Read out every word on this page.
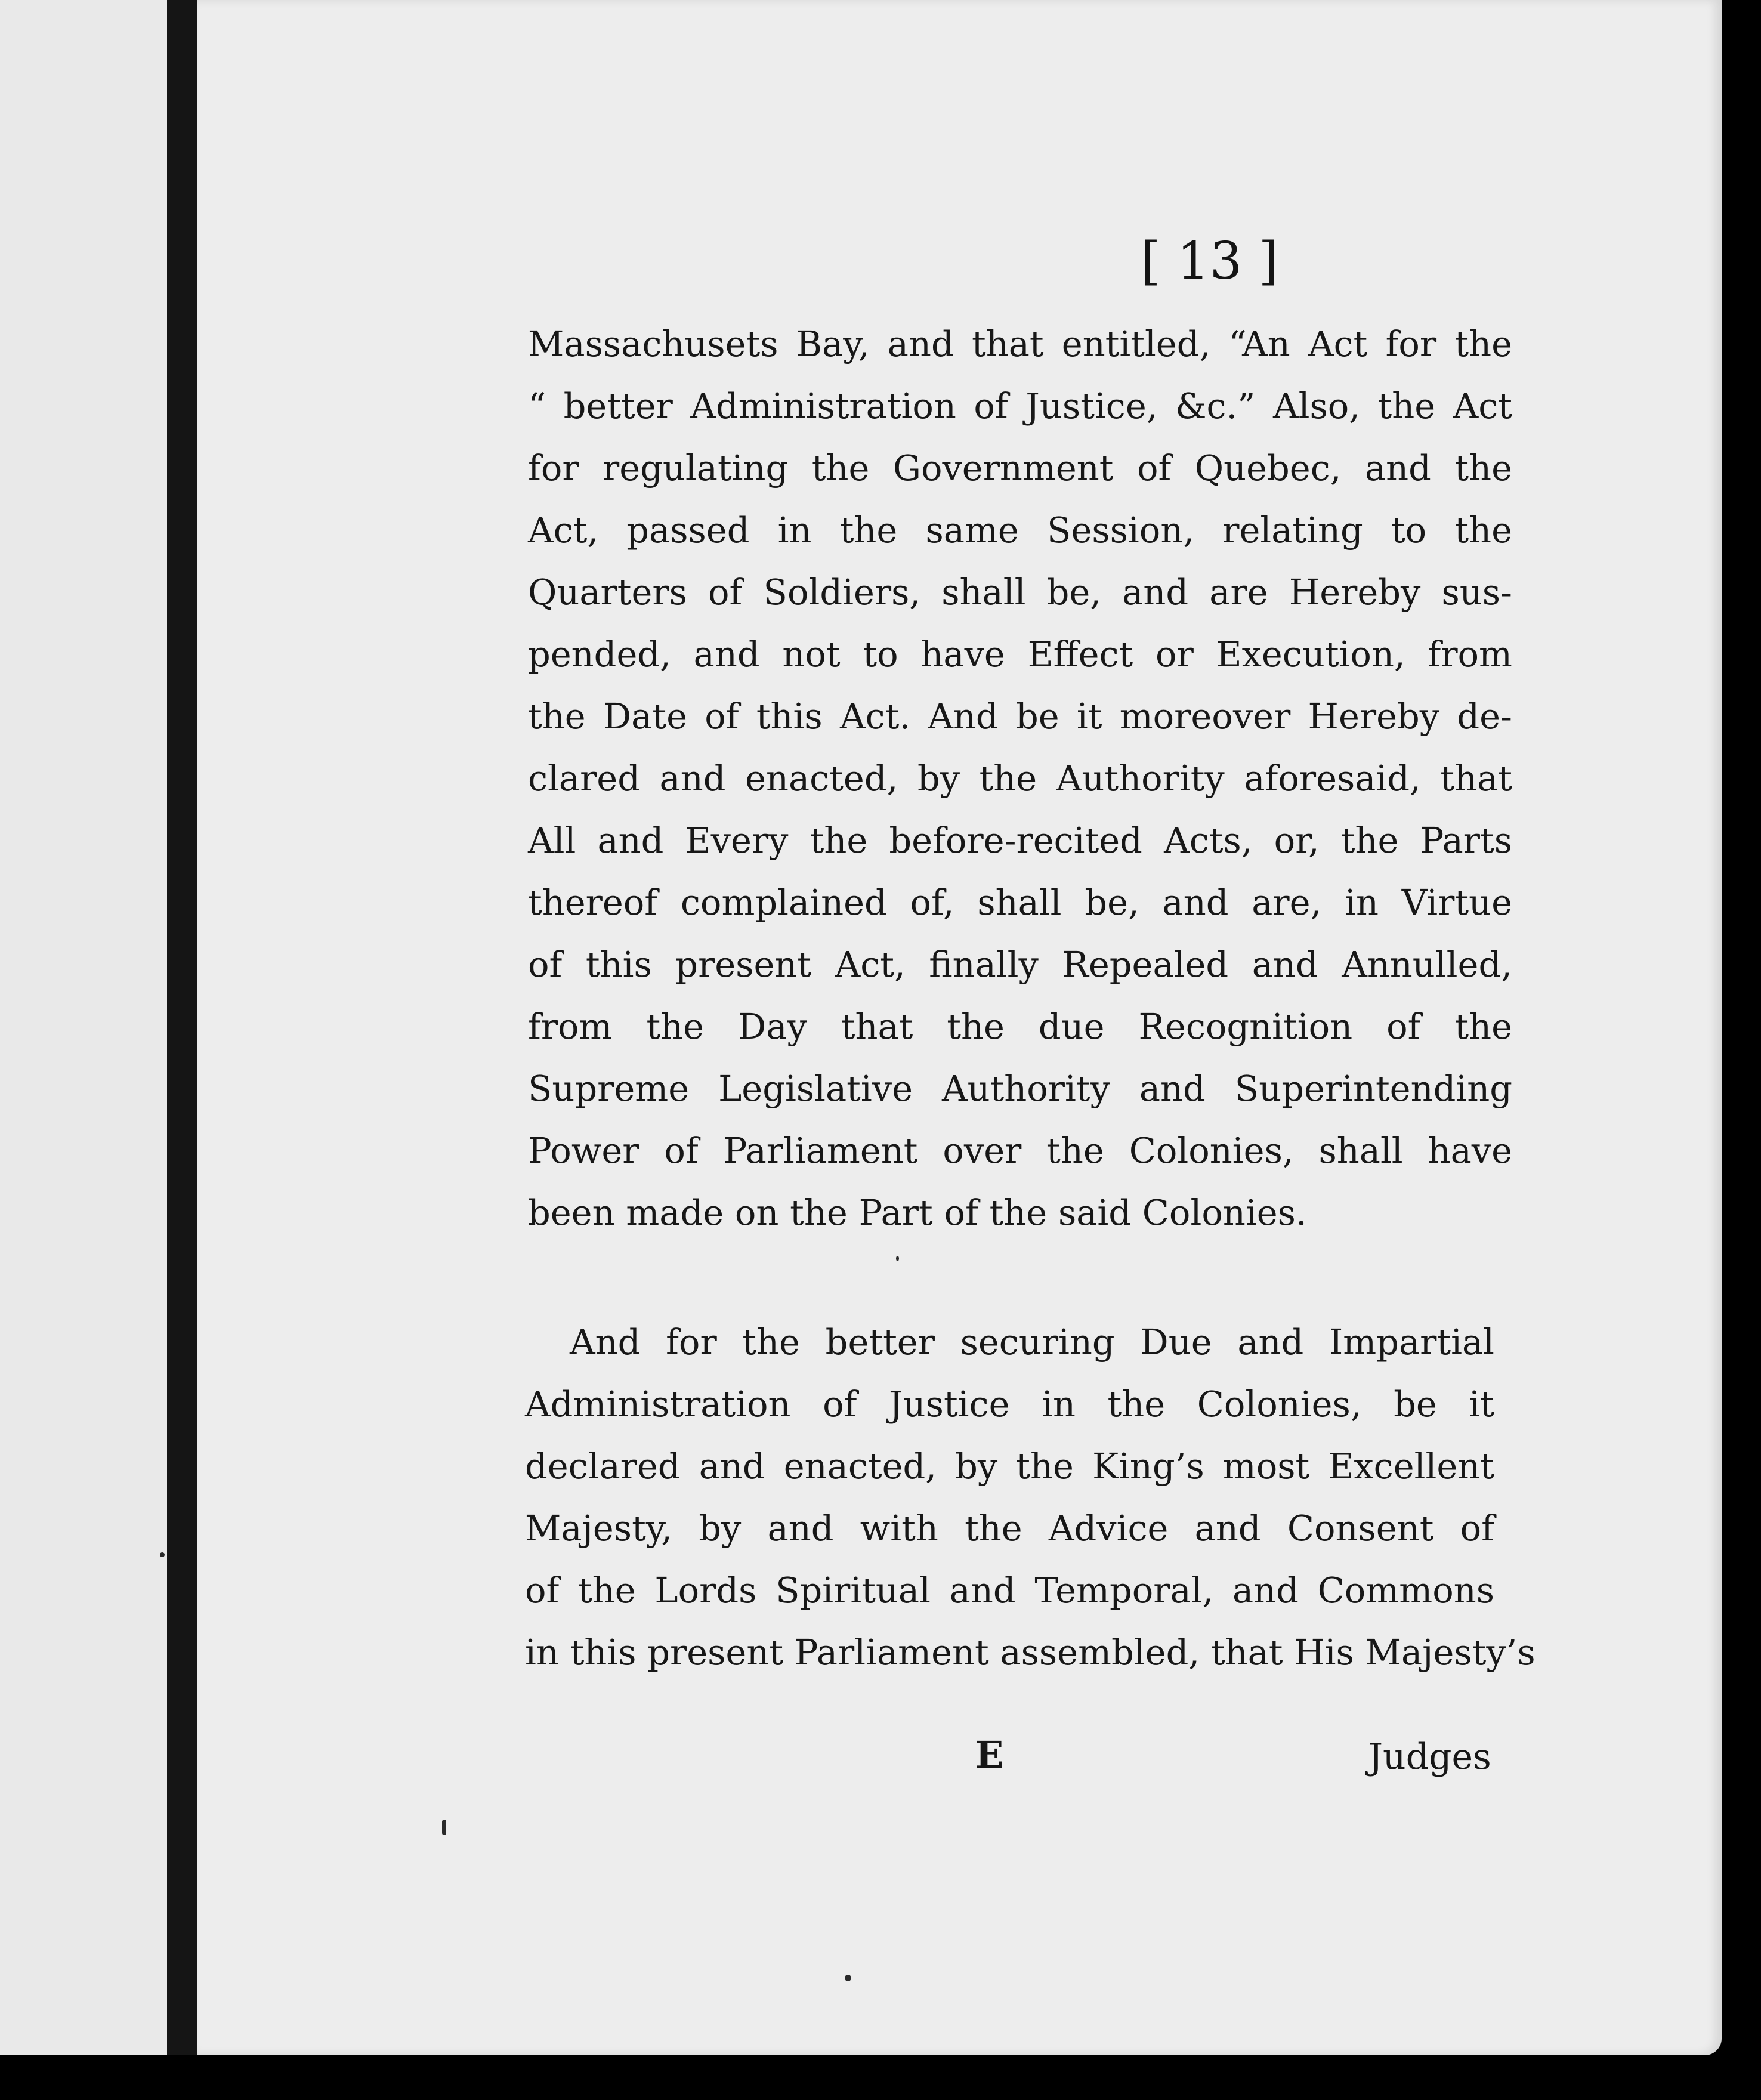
[ 13 ]
Massachusets Bay, and that entitled, “An Act for the
“ better Administration of Justice, &c.” Also, the Act
for regulating the Government of Quebec, and the
Act, passed in the same Session, relating to the
Quarters of Soldiers, shall be, and are Hereby sus-
pended, and not to have Effect or Execution, from
the Date of this Act. And be it moreover Hereby de-
clared and enacted, by the Authority aforesaid, that
All and Every the before-recited Acts, or, the Parts
thereof complained of, shall be, and are, in Virtue
of this present Act, finally Repealed and Annulled,
from the Day that the due Recognition of the
Supreme Legislative Authority and Superintending
Power of Parliament over the Colonies, shall have
been made on the Part of the said Colonies.
And for the better securing Due and Impartial
Administration of Justice in the Colonies, be it
declared and enacted, by the King’s most Excellent
Majesty, by and with the Advice and Consent of
of the Lords Spiritual and Temporal, and Commons
in this present Parliament assembled, that His Majesty’s
E	Judges
